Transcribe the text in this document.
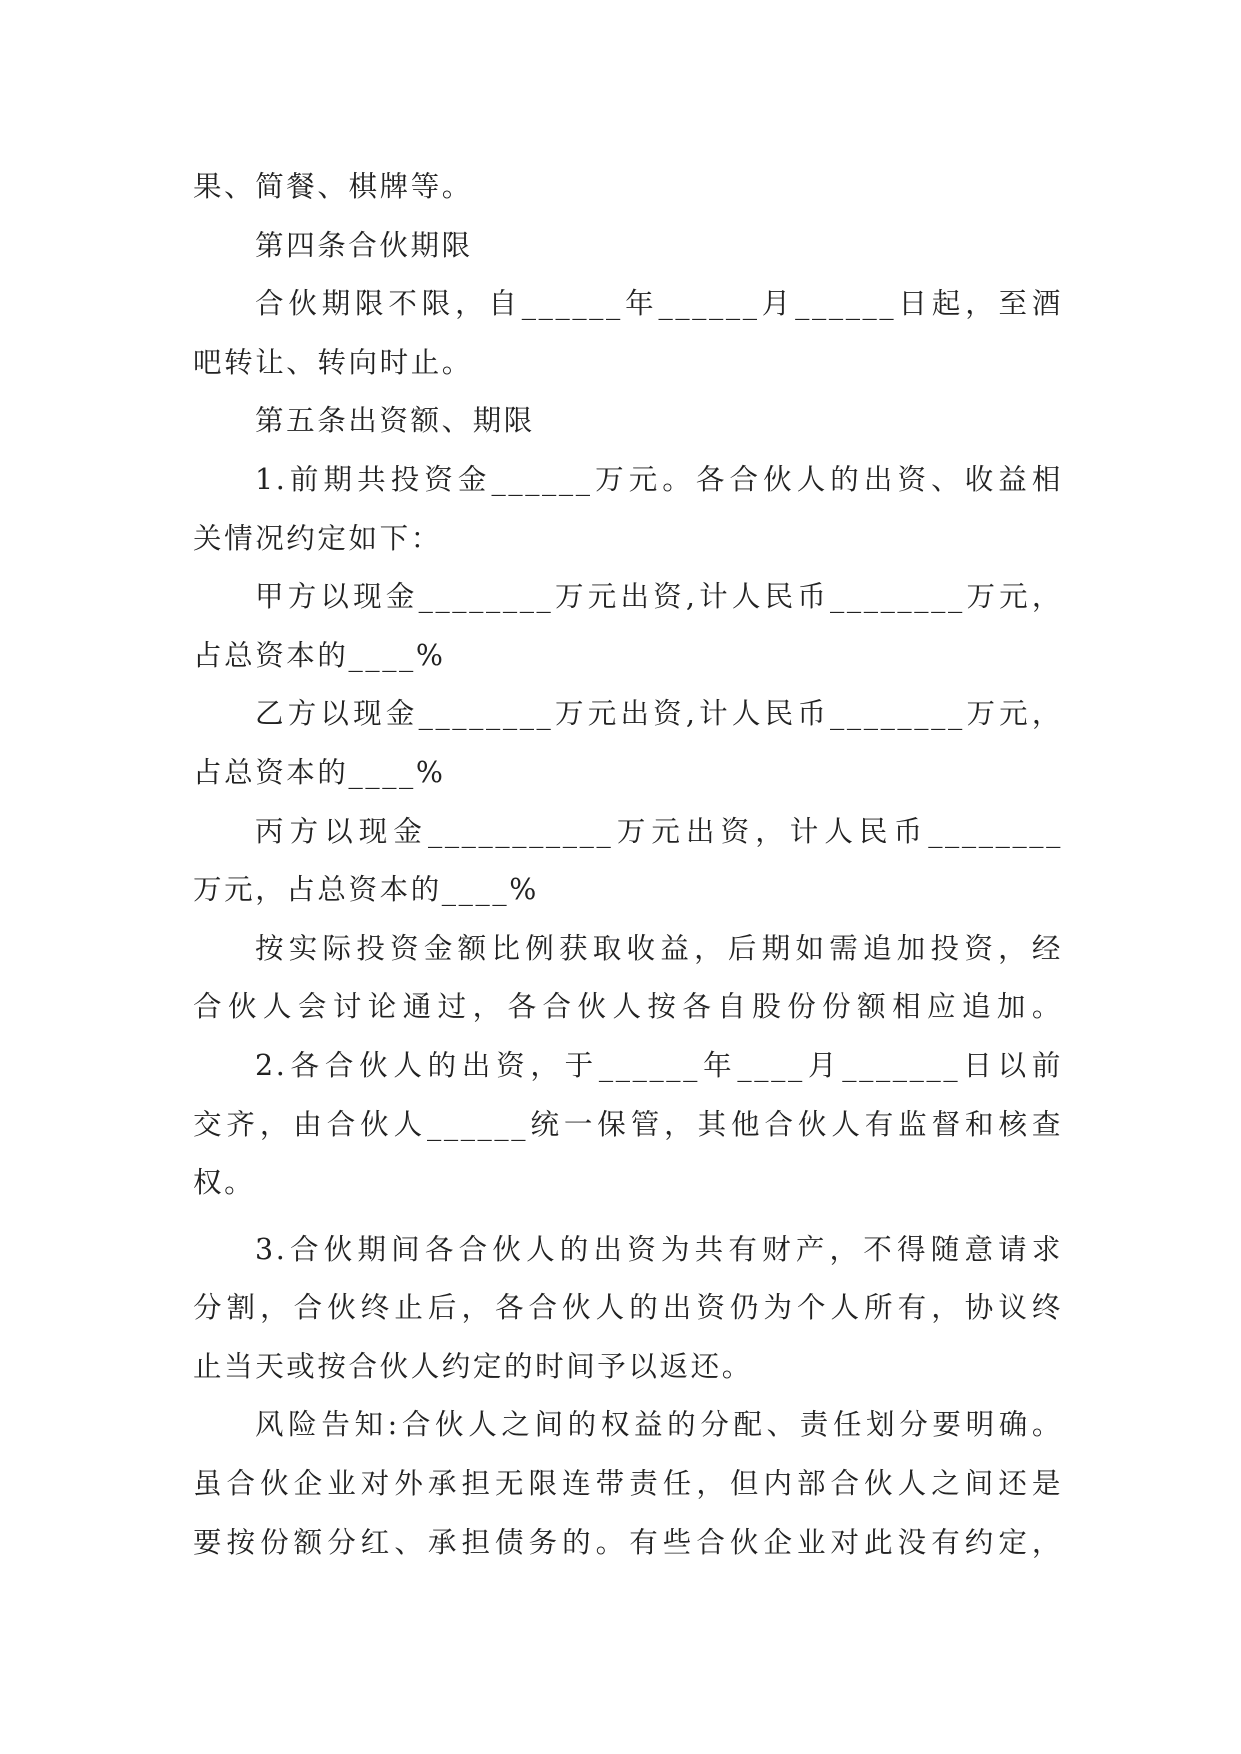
果、简餐、棋牌等。
第四条合伙期限
合伙期限不限，自______年______月______日起，至酒
吧转让、转向时止。
第五条出资额、期限
1.前期共投资金______万元。各合伙人的出资、收益相
关情况约定如下：
甲方以现金________万元出资,计人民币________万元，
占总资本的____%
乙方以现金________万元出资,计人民币________万元，
占总资本的____%
丙方以现金___________万元出资，计人民币________
万元，占总资本的____%
按实际投资金额比例获取收益，后期如需追加投资，经
合伙人会讨论通过，各合伙人按各自股份份额相应追加。
2.各合伙人的出资，于______年____月_______日以前
交齐，由合伙人______统一保管，其他合伙人有监督和核查
权。
3.合伙期间各合伙人的出资为共有财产，不得随意请求
分割，合伙终止后，各合伙人的出资仍为个人所有，协议终
止当天或按合伙人约定的时间予以返还。
风险告知:合伙人之间的权益的分配、责任划分要明确。
虽合伙企业对外承担无限连带责任，但内部合伙人之间还是
要按份额分红、承担债务的。有些合伙企业对此没有约定，
